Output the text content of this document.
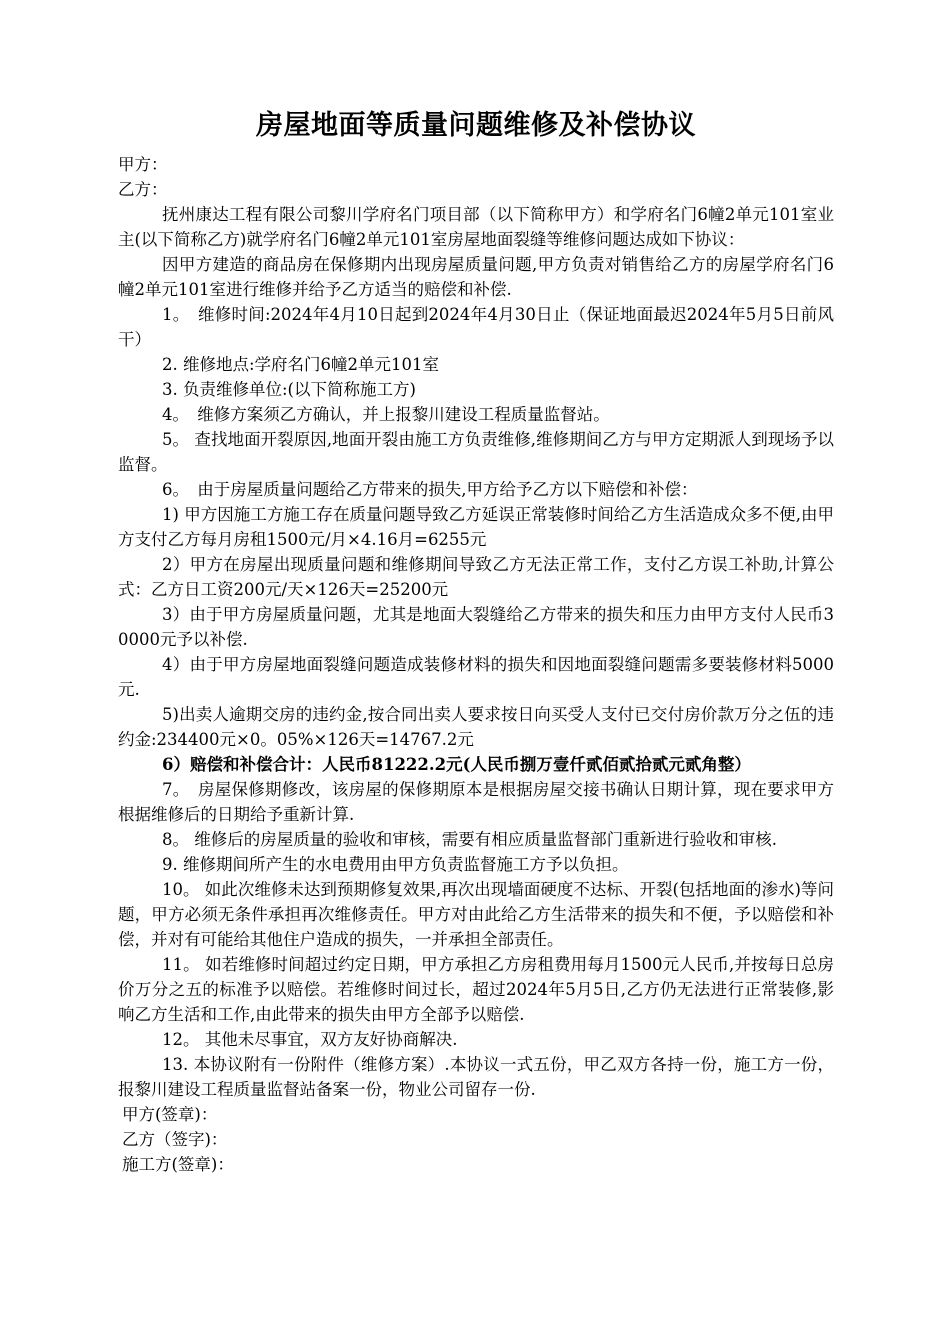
房屋地面等质量问题维修及补偿协议

甲方：

乙方：

抚州康达工程有限公司黎川学府名门项目部（以下简称甲方）和学府名门6幢2单元101室业主(以下简称乙方)就学府名门6幢2单元101室房屋地面裂缝等维修问题达成如下协议：

因甲方建造的商品房在保修期内出现房屋质量问题,甲方负责对销售给乙方的房屋学府名门6幢2单元101室进行维修并给予乙方适当的赔偿和补偿.

1。　维修时间:2024年4月10日起到2024年4月30日止（保证地面最迟2024年5月5日前风干）

2. 维修地点:学府名门6幢2单元101室

3. 负责维修单位:(以下简称施工方)

4。　维修方案须乙方确认，并上报黎川建设工程质量监督站。

5。 查找地面开裂原因,地面开裂由施工方负责维修,维修期间乙方与甲方定期派人到现场予以监督。

6。　由于房屋质量问题给乙方带来的损失,甲方给予乙方以下赔偿和补偿：

1) 甲方因施工方施工存在质量问题导致乙方延误正常装修时间给乙方生活造成众多不便,由甲方支付乙方每月房租1500元/月×4.16月=6255元

2）甲方在房屋出现质量问题和维修期间导致乙方无法正常工作，支付乙方误工补助,计算公式：乙方日工资200元/天×126天=25200元

3）由于甲方房屋质量问题，尤其是地面大裂缝给乙方带来的损失和压力由甲方支付人民币30000元予以补偿.

4）由于甲方房屋地面裂缝问题造成装修材料的损失和因地面裂缝问题需多要装修材料5000元.

5)出卖人逾期交房的违约金,按合同出卖人要求按日向买受人支付已交付房价款万分之伍的违约金:234400元×0。05%×126天=14767.2元

6）赔偿和补偿合计：人民币81222.2元(人民币捌万壹仟贰佰贰拾贰元贰角整）

7。　房屋保修期修改，该房屋的保修期原本是根据房屋交接书确认日期计算，现在要求甲方根据维修后的日期给予重新计算.

8。 维修后的房屋质量的验收和审核，需要有相应质量监督部门重新进行验收和审核.

9. 维修期间所产生的水电费用由甲方负责监督施工方予以负担。

10。 如此次维修未达到预期修复效果,再次出现墙面硬度不达标、开裂(包括地面的渗水)等问题，甲方必须无条件承担再次维修责任。甲方对由此给乙方生活带来的损失和不便，予以赔偿和补偿，并对有可能给其他住户造成的损失，一并承担全部责任。

11。 如若维修时间超过约定日期，甲方承担乙方房租费用每月1500元人民币,并按每日总房价万分之五的标准予以赔偿。若维修时间过长，超过2024年5月5日,乙方仍无法进行正常装修,影响乙方生活和工作,由此带来的损失由甲方全部予以赔偿.

12。 其他未尽事宜，双方友好协商解决.

13. 本协议附有一份附件（维修方案）.本协议一式五份，甲乙双方各持一份，施工方一份，报黎川建设工程质量监督站备案一份，物业公司留存一份.

甲方(签章)：

乙方（签字)：

施工方(签章)：
